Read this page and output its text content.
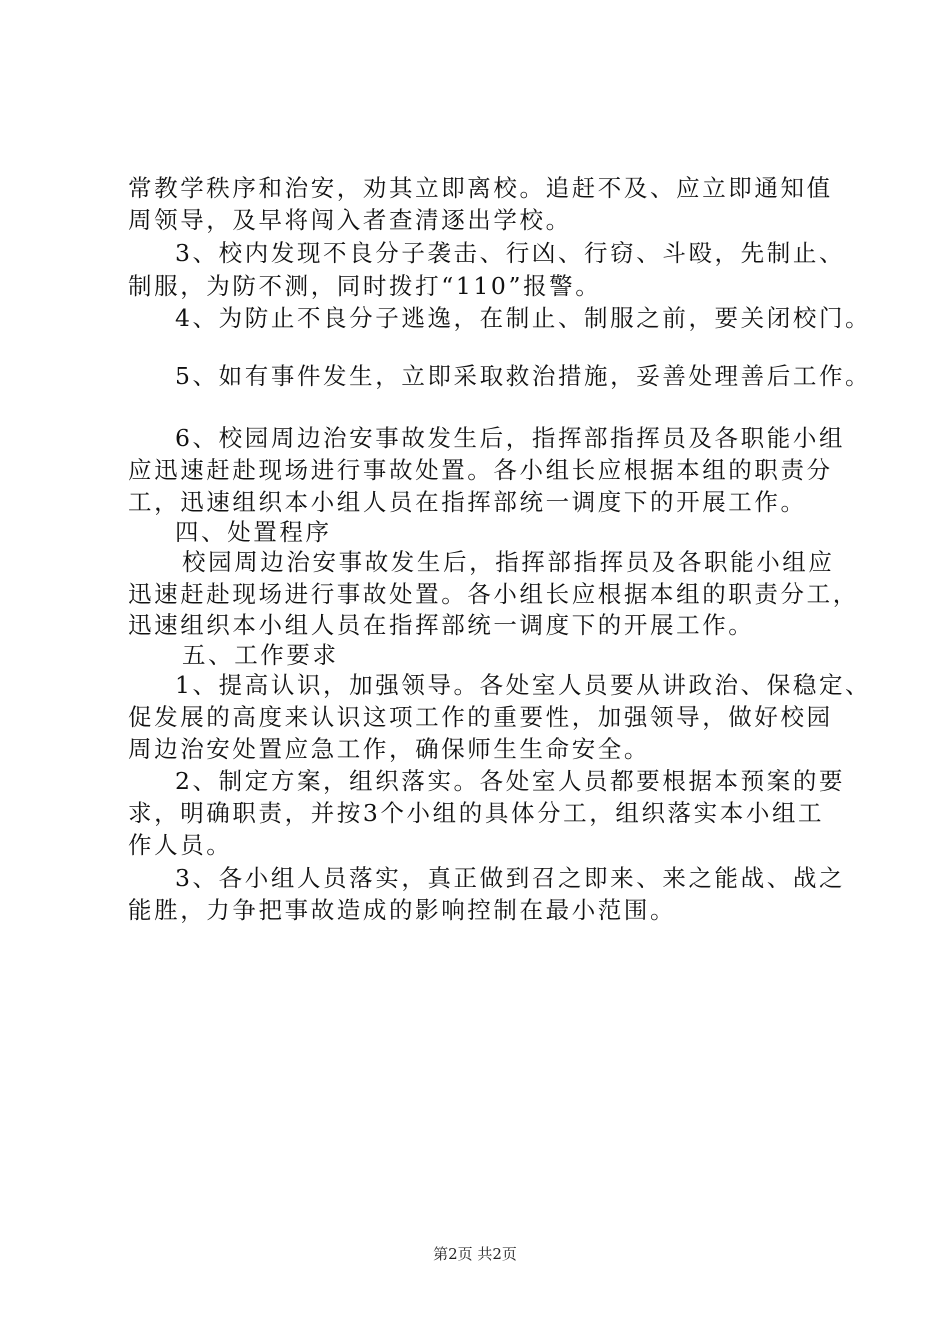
常教学秩序和治安，劝其立即离校。追赶不及、应立即通知值
周领导，及早将闯入者查清逐出学校。
3、校内发现不良分子袭击、行凶、行窃、斗殴，先制止、
制服，为防不测，同时拨打“110”报警。
4、为防止不良分子逃逸，在制止、制服之前，要关闭校门。
5、如有事件发生，立即采取救治措施，妥善处理善后工作。
6、校园周边治安事故发生后，指挥部指挥员及各职能小组
应迅速赶赴现场进行事故处置。各小组长应根据本组的职责分
工，迅速组织本小组人员在指挥部统一调度下的开展工作。
四、处置程序
校园周边治安事故发生后，指挥部指挥员及各职能小组应
迅速赶赴现场进行事故处置。各小组长应根据本组的职责分工，
迅速组织本小组人员在指挥部统一调度下的开展工作。
五、工作要求
1、提高认识，加强领导。各处室人员要从讲政治、保稳定、
促发展的高度来认识这项工作的重要性，加强领导，做好校园
周边治安处置应急工作，确保师生生命安全。
2、制定方案，组织落实。各处室人员都要根据本预案的要
求，明确职责，并按3个小组的具体分工，组织落实本小组工
作人员。
3、各小组人员落实，真正做到召之即来、来之能战、战之
能胜，力争把事故造成的影响控制在最小范围。
第2页 共2页
